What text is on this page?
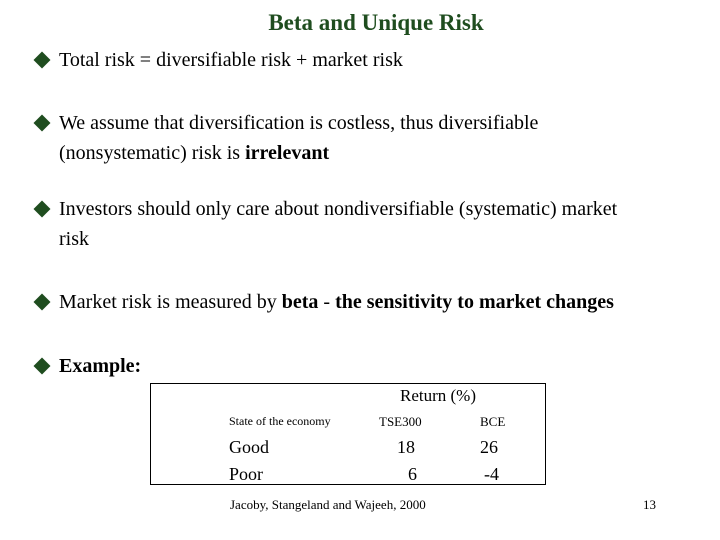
Beta and Unique Risk
Total risk = diversifiable risk + market risk
We assume that diversification is costless, thus diversifiable
(nonsystematic) risk is irrelevant
Investors should only care about nondiversifiable (systematic) market
risk
Market risk is measured by beta - the sensitivity to market changes
Example:
Return (%)
State of the economy	TSE300	BCE
Good	18	26
Poor	6	-4
Jacoby, Stangeland and Wajeeh, 2000	13
